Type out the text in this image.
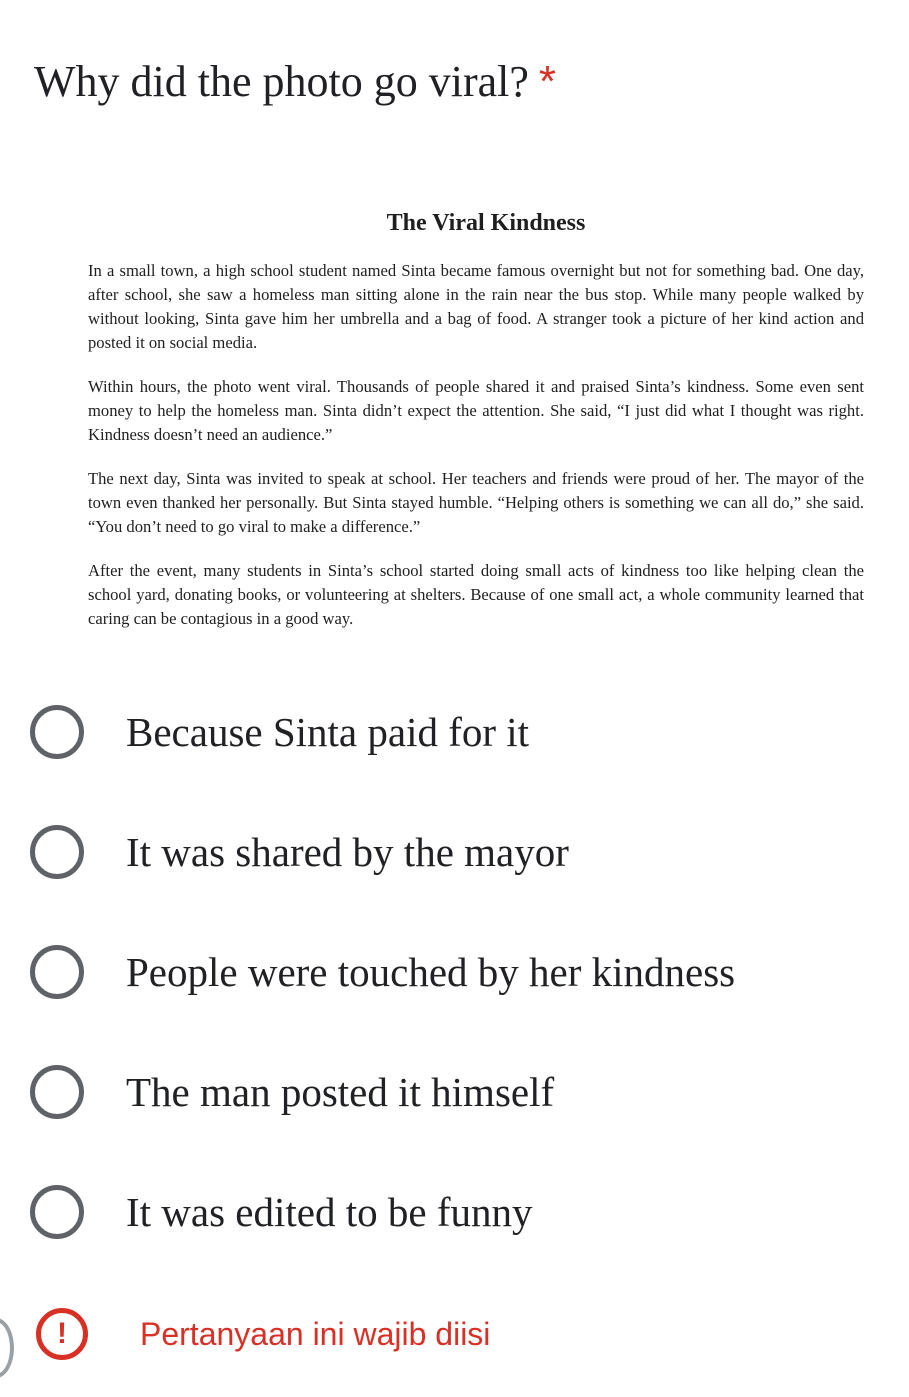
Why did the photo go viral? *

The Viral Kindness

In a small town, a high school student named Sinta became famous overnight but not for something bad. One day, after school, she saw a homeless man sitting alone in the rain near the bus stop. While many people walked by without looking, Sinta gave him her umbrella and a bag of food. A stranger took a picture of her kind action and posted it on social media.

Within hours, the photo went viral. Thousands of people shared it and praised Sinta’s kindness. Some even sent money to help the homeless man. Sinta didn’t expect the attention. She said, “I just did what I thought was right. Kindness doesn’t need an audience.”

The next day, Sinta was invited to speak at school. Her teachers and friends were proud of her. The mayor of the town even thanked her personally. But Sinta stayed humble. “Helping others is something we can all do,” she said. “You don’t need to go viral to make a difference.”

After the event, many students in Sinta’s school started doing small acts of kindness too like helping clean the school yard, donating books, or volunteering at shelters. Because of one small act, a whole community learned that caring can be contagious in a good way.

Because Sinta paid for it
It was shared by the mayor
People were touched by her kindness
The man posted it himself
It was edited to be funny
!	Pertanyaan ini wajib diisi
